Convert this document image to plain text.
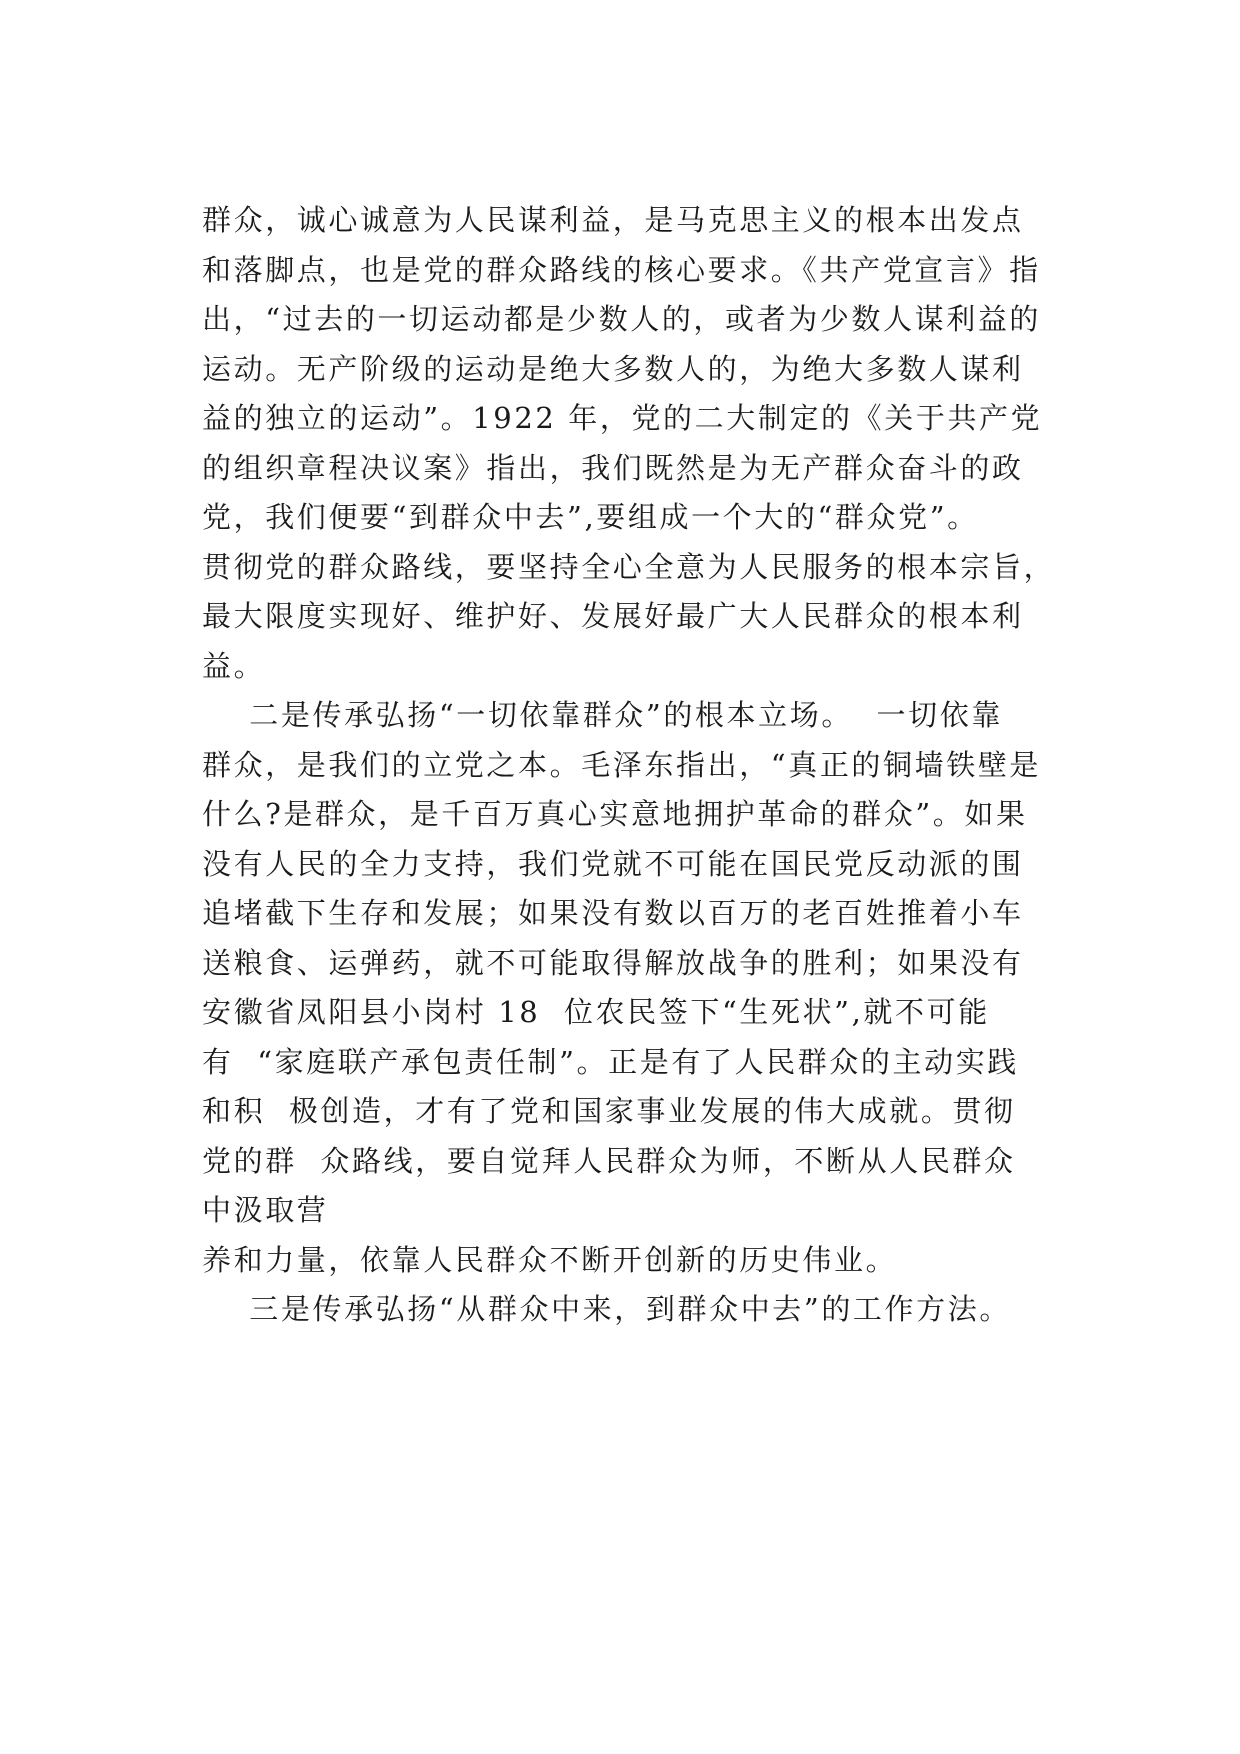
群众，诚心诚意为人民谋利益，是马克思主义的根本出发点
和落脚点，也是党的群众路线的核心要求。《共产党宣言》指
出，“过去的一切运动都是少数人的，或者为少数人谋利益的
运动。无产阶级的运动是绝大多数人的，为绝大多数人谋利
益的独立的运动”。1922 年，党的二大制定的《关于共产党
的组织章程决议案》指出，我们既然是为无产群众奋斗的政
党，我们便要“到群众中去”,要组成一个大的“群众党”。
贯彻党的群众路线，要坚持全心全意为人民服务的根本宗旨，
最大限度实现好、维护好、发展好最广大人民群众的根本利
益。
二是传承弘扬“一切依靠群众”的根本立场。  一切依靠
群众，是我们的立党之本。毛泽东指出，“真正的铜墙铁壁是
什么?是群众，是千百万真心实意地拥护革命的群众”。如果
没有人民的全力支持，我们党就不可能在国民党反动派的围
追堵截下生存和发展；如果没有数以百万的老百姓推着小车
送粮食、运弹药，就不可能取得解放战争的胜利；如果没有
安徽省凤阳县小岗村 18  位农民签下“生死状”,就不可能
有  “家庭联产承包责任制”。正是有了人民群众的主动实践
和积  极创造，才有了党和国家事业发展的伟大成就。贯彻
党的群  众路线，要自觉拜人民群众为师，不断从人民群众
中汲取营
养和力量，依靠人民群众不断开创新的历史伟业。
三是传承弘扬“从群众中来，到群众中去”的工作方法。
